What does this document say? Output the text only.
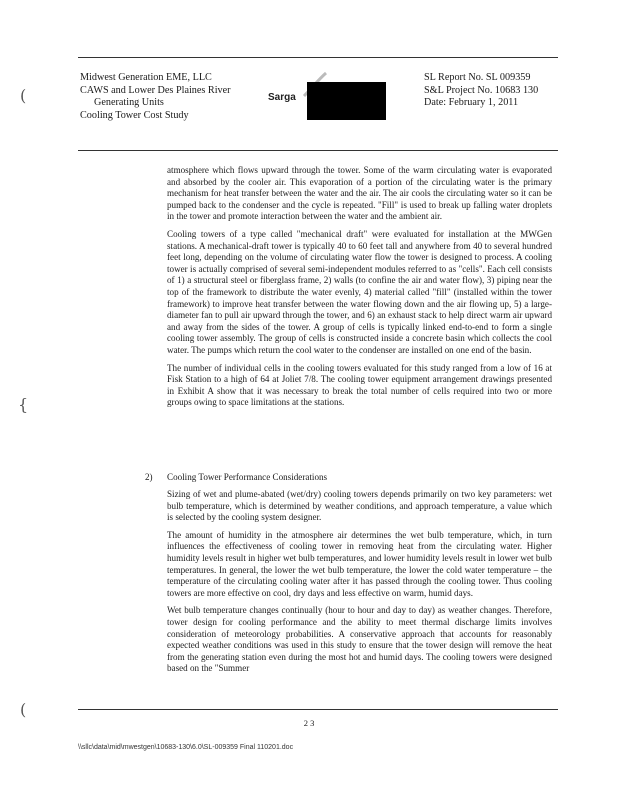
Midwest Generation EME, LLC
CAWS and Lower Des Plaines River
Generating Units
Cooling Tower Cost Study
Sarga
SL Report No. SL 009359
S&L Project No. 10683 130
Date: February 1, 2011
(
{
(

atmosphere which flows upward through the tower. Some of the warm circulating water is evaporated and absorbed by the cooler air. This evaporation of a portion of the circulating water is the primary mechanism for heat transfer between the water and the air. The air cools the circulating water so it can be pumped back to the condenser and the cycle is repeated. "Fill" is used to break up falling water droplets in the tower and promote interaction between the water and the ambient air.

Cooling towers of a type called "mechanical draft" were evaluated for installation at the MWGen stations. A mechanical-draft tower is typically 40 to 60 feet tall and anywhere from 40 to several hundred feet long, depending on the volume of circulating water flow the tower is designed to process. A cooling tower is actually comprised of several semi-independent modules referred to as "cells". Each cell consists of 1) a structural steel or fiberglass frame, 2) walls (to confine the air and water flow), 3) piping near the top of the framework to distribute the water evenly, 4) material called "fill" (installed within the tower framework) to improve heat transfer between the water flowing down and the air flowing up, 5) a large-diameter fan to pull air upward through the tower, and 6) an exhaust stack to help direct warm air upward and away from the sides of the tower. A group of cells is typically linked end-to-end to form a single cooling tower assembly. The group of cells is constructed inside a concrete basin which collects the cool water. The pumps which return the cool water to the condenser are installed on one end of the basin.

The number of individual cells in the cooling towers evaluated for this study ranged from a low of 16 at Fisk Station to a high of 64 at Joliet 7/8. The cooling tower equipment arrangement drawings presented in Exhibit A show that it was necessary to break the total number of cells required into two or more groups owing to space limitations at the stations.

2) Cooling Tower Performance Considerations

Sizing of wet and plume-abated (wet/dry) cooling towers depends primarily on two key parameters: wet bulb temperature, which is determined by weather conditions, and approach temperature, a value which is selected by the cooling system designer.

The amount of humidity in the atmosphere air determines the wet bulb temperature, which, in turn influences the effectiveness of cooling tower in removing heat from the circulating water. Higher humidity levels result in higher wet bulb temperatures, and lower humidity levels result in lower wet bulb temperatures. In general, the lower the wet bulb temperature, the lower the cold water temperature – the temperature of the circulating cooling water after it has passed through the cooling tower. Thus cooling towers are more effective on cool, dry days and less effective on warm, humid days.

Wet bulb temperature changes continually (hour to hour and day to day) as weather changes. Therefore, tower design for cooling performance and the ability to meet thermal discharge limits involves consideration of meteorology probabilities. A conservative approach that accounts for reasonably expected weather conditions was used in this study to ensure that the tower design will remove the heat from the generating station even during the most hot and humid days. The cooling towers were designed based on the "Summer

2 3
\\sllc\data\mid\mwestgen\10683-130\6.0\SL-009359 Final 110201.doc
